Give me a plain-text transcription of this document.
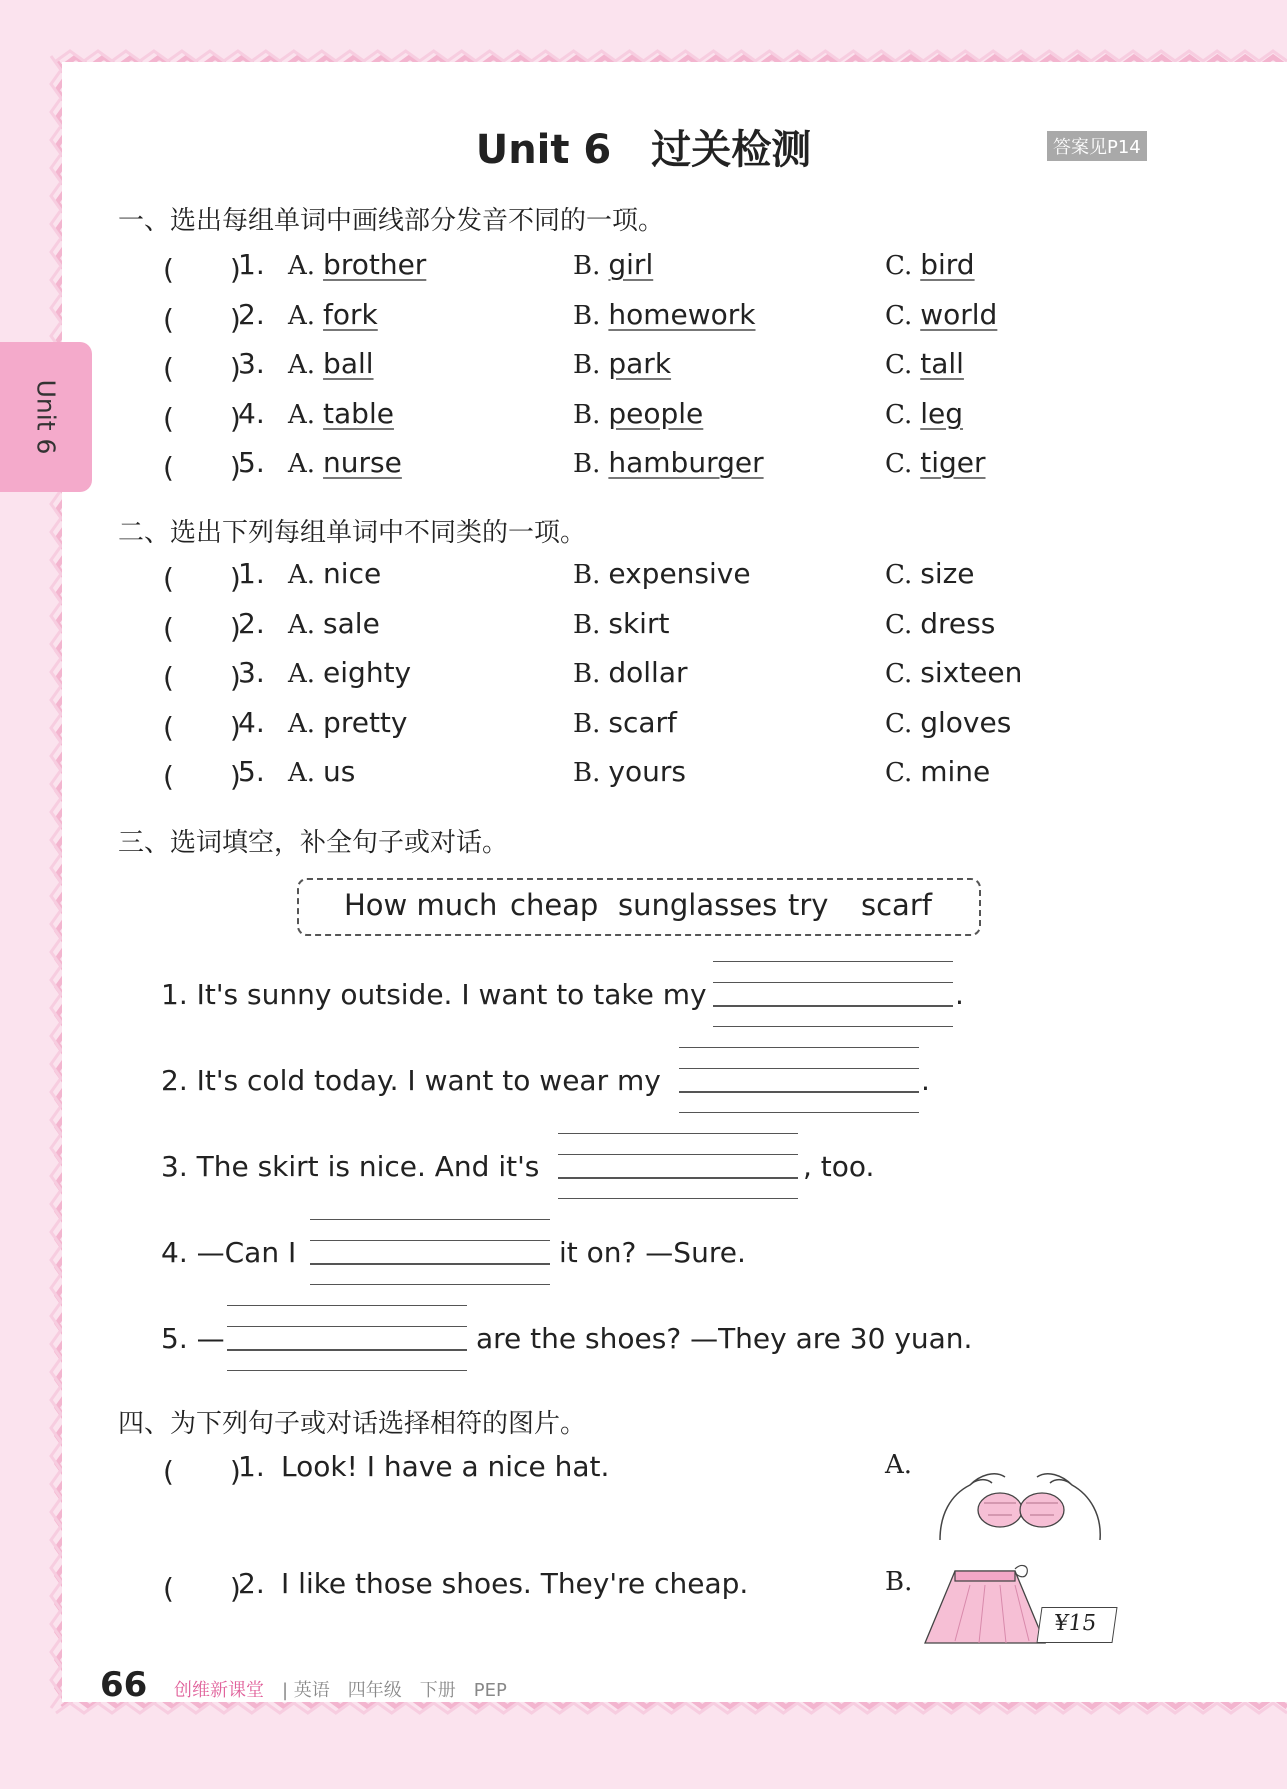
Unit 6
Unit 6 过关检测	答案见P14
一、选出每组单词中画线部分发音不同的一项。
(　　)
1. A. brother	B. girl	C. bird
(　　)
2. A. fork	B. homework	C. world
(　　)
3. A. ball	B. park	C. tall
(　　)
4. A. table	B. people	C. leg
(　　)
5. A. nurse	B. hamburger	C. tiger
二、选出下列每组单词中不同类的一项。
(　　)
1. A. nice	B. expensive	C. size
(　　)
2. A. sale	B. skirt	C. dress
(　　)
3. A. eighty	B. dollar	C. sixteen
(　　)
4. A. pretty	B. scarf	C. gloves
(　　)
5. A. us	B. yours	C. mine
三、选词填空，补全句子或对话。
How much cheap sunglasses try scarf
1. It's sunny outside. I want to take my	.
2. It's cold today. I want to wear my	.
3. The skirt is nice. And it's	, too.
4. —Can I	it on? —Sure.
5. —	are the shoes? —They are 30 yuan.
四、为下列句子或对话选择相符的图片。
(　　)
1. Look! I have a nice hat.	A.
(　　)
2. I like those shoes. They're cheap.	B.
¥15
66 创维新课堂 | 英语　四年级　下册　PEP
